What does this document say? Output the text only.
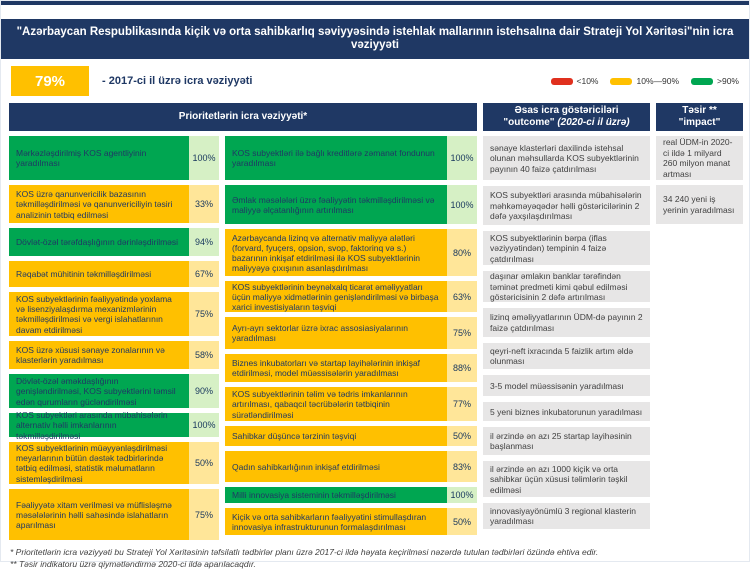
"Azərbaycan Respublikasında kiçik və orta sahibkarlıq səviyyəsində istehlak mallarının istehsalına dair Strateji Yol Xəritəsi"nin icra vəziyyəti
79%	- 2017-ci il üzrə icra vəziyyəti	<10%	10%—90%	>90%
Prioritetlərin icra vəziyyəti*
Əsas icra göstəriciləri
"outcome" (2020-ci il üzrə)
Təsir **
"impact"
Mərkəzləşdirilmiş KOS agentliyinin yaradılması	100%
KOS üzrə qanunvericilik bazasının təkmilləşdirilməsi və qanunvericiliyin təsiri analizinin tətbiq edilməsi
33%
Dövlət-özəl tərəfdaşlığının dərinləşdirilməsi	94%
Rəqabət mühitinin təkmilləşdirilməsi	67%
KOS subyektlərinin fəaliyyətində yoxlama və lisenziyalaşdırma mexanizmlərinin təkmilləşdirilməsi və vergi islahatlarının davam etdirilməsi
75%
KOS üzrə xüsusi sənaye zonalarının və klasterlərin yaradılması	58%
Dövlət-özəl əməkdaşlığının genişləndirilməsi, KOS subyektlərini təmsil edən qurumların gücləndirilməsi
90%
KOS subyektləri arasında mübahisələrin alternativ həlli imkanlarının təkmilləşdirilməsi
100%
KOS subyektlərinin müəyyənləşdirilməsi meyarlarının bütün dəstək tədbirlərində tətbiq edilməsi, statistik məlumatların sistemləşdirilməsi
50%
Fəaliyyətə xitam verilməsi və müflisləşmə məsələlərinin həlli sahəsində islahatların aparılması
75%
KOS subyektləri ilə bağlı kreditlərə zəmanət fondunun yaradılması	100%
Əmlak məsələləri üzrə fəaliyyətin təkmilləşdirilməsi və maliyyə əlçatanlığının artırılması	100%
Azərbaycanda lizinq və alternativ maliyyə alətləri (forvard, fyuçers, opsion, svop, faktorinq və s.) bazarının inkişaf etdirilməsi ilə KOS subyektlərinin maliyyəyə çıxışının asanlaşdırılması
80%
KOS subyektlərinin beynəlxalq ticarət əməliyyatları üçün maliyyə xidmətlərinin genişləndirilməsi və birbaşa xarici investisiyaların təşviqi
63%
Ayrı-ayrı sektorlar üzrə ixrac assosiasiyalarının yaradılması	75%
Biznes inkubatorları və startap layihələrinin inkişaf etdirilməsi, model müəssisələrin yaradılması	88%
KOS subyektlərinin təlim və tədris imkanlarının artırılması, qabaqcıl təcrübələrin tətbiqinin sürətləndirilməsi
77%
Sahibkar düşüncə tərzinin təşviqi	50%
Qadın sahibkarlığının inkişaf etdirilməsi	83%
Milli innovasiya sisteminin təkmilləşdirilməsi	100%
Kiçik və orta sahibkarların fəaliyyətini stimullaşdıran innovasiya infrastrukturunun formalaşdırılması	50%
sənaye klasterləri daxilində istehsal olunan məhsullarda KOS subyektlərinin payının 40 faizə çatdırılması
KOS subyektləri arasında mübahisələrin məhkəməyəqədər həlli göstəricilərinin 2 dəfə yaxşılaşdırılması
KOS subyektlərinin bərpa (iflas vəziyyətindən) tempinin 4 faizə çatdırılması
daşınar əmlakın banklar tərəfindən təminət predmeti kimi qəbul edilməsi göstəricisinin 2 dəfə artırılması
lizinq əməliyyatlarının ÜDM-də payının 2 faizə çatdırılması
qeyri-neft ixracında 5 faizlik artım əldə olunması
3-5 model müəssisənin yaradılması
5 yeni biznes inkubatorunun yaradılması
il ərzində ən azı 25 startap layihəsinin başlanması
il ərzində ən azı 1000 kiçik və orta sahibkar üçün xüsusi təlimlərin təşkil edilməsi
innovasiyayönümlü 3 regional klasterin yaradılması
real ÜDM-in 2020-ci ildə 1 milyard 260 milyon manat artması
34 240 yeni iş yerinin yaradılması
* Prioritetlərin icra vəziyyəti bu Strateji Yol Xəritəsinin təfsilatlı tədbirlər planı üzrə 2017-ci ildə həyata keçirilməsi nəzərdə tutulan tədbirləri özündə ehtiva edir.
** Təsir indikatoru üzrə qiymətləndirmə 2020-ci ildə aparılacaqdır.
